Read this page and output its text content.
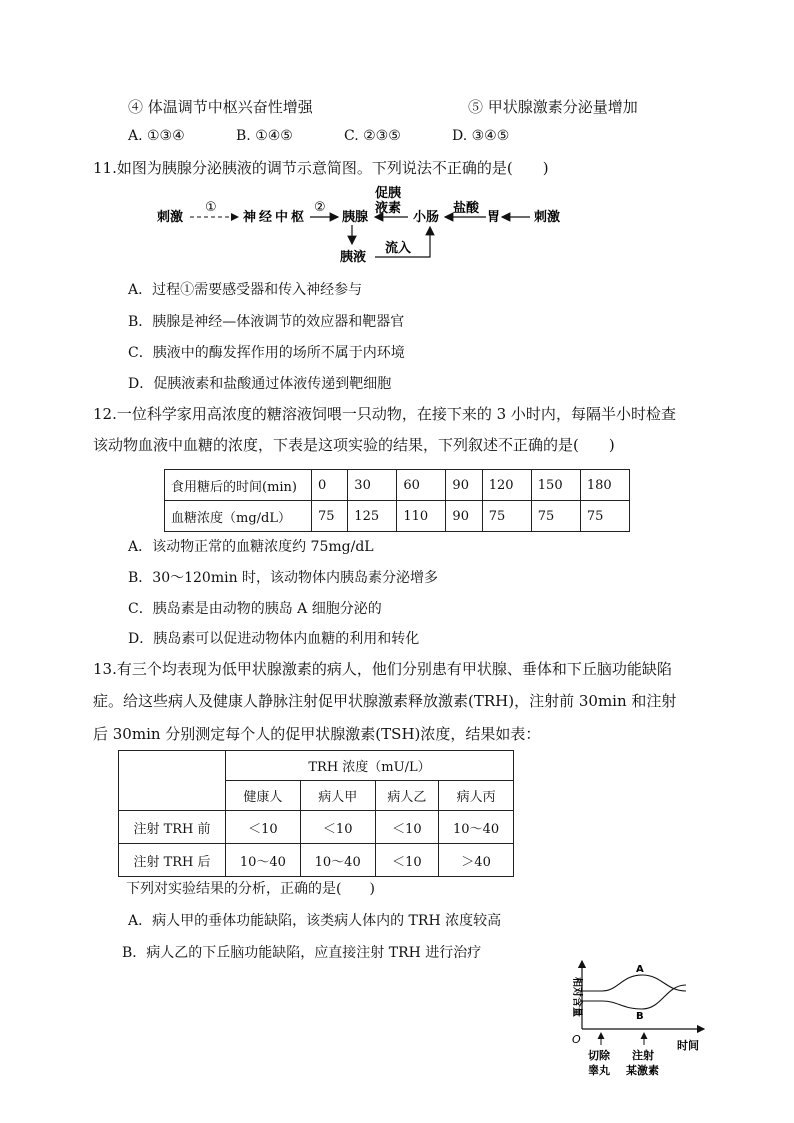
④ 体温调节中枢兴奋性增强	⑤ 甲状腺激素分泌量增加
A. ①③④	B. ①④⑤	C. ②③⑤	D. ③④⑤
11.如图为胰腺分泌胰液的调节示意简图。下列说法不正确的是(　　)
刺激
①
神经中枢
②
胰腺
促胰
液素
小肠
盐酸
胃	刺激
胰液
流入
A．过程①需要感受器和传入神经参与
B．胰腺是神经—体液调节的效应器和靶器官
C．胰液中的酶发挥作用的场所不属于内环境
D．促胰液素和盐酸通过体液传递到靶细胞
12.一位科学家用高浓度的糖溶液饲喂一只动物，在接下来的 3 小时内，每隔半小时检查
该动物血液中血糖的浓度，下表是这项实验的结果，下列叙述不正确的是(　　)
食用糖后的时间(min)	0	30	60	90	120	150	180
血糖浓度（mg/dL）	75	125	110	90	75	75	75
A．该动物正常的血糖浓度约 75mg/dL
B．30～120min 时，该动物体内胰岛素分泌增多
C．胰岛素是由动物的胰岛 A 细胞分泌的
D．胰岛素可以促进动物体内血糖的利用和转化
13.有三个均表现为低甲状腺激素的病人，他们分别患有甲状腺、垂体和下丘脑功能缺陷
症。给这些病人及健康人静脉注射促甲状腺激素释放激素(TRH)，注射前 30min 和注射
后 30min 分别测定每个人的促甲状腺激素(TSH)浓度，结果如表：
	TRH 浓度（mU/L）			
	健康人	病人甲	病人乙	病人丙
注射 TRH 前	＜10	＜10	＜10	10～40
注射 TRH 后	10～40	10～40	＜10	＞40
下列对实验结果的分析，正确的是(　　)
A．病人甲的垂体功能缺陷，该类病人体内的 TRH 浓度较高
B．病人乙的下丘脑功能缺陷，应直接注射 TRH 进行治疗
相对含量
O	时间
A
B
切除
睾丸
注射
某激素
